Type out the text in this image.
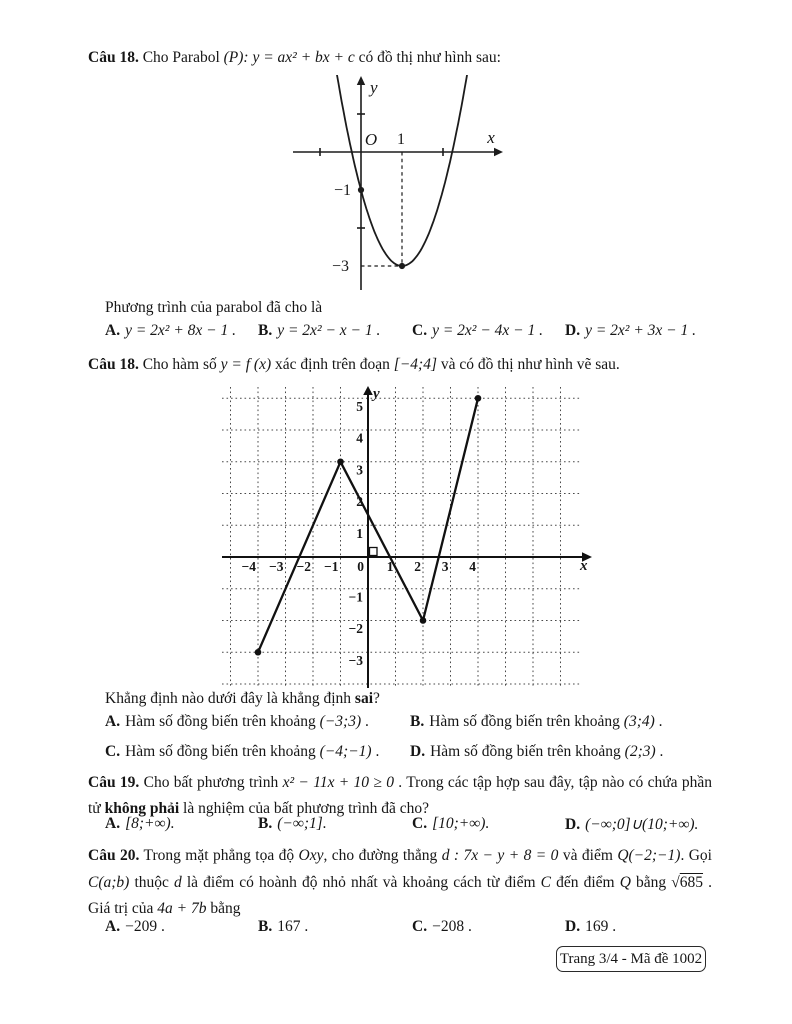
Câu 18. Cho Parabol (P): y = ax² + bx + c có đồ thị như hình sau:
y
x
O 1
−1
−3
Phương trình của parabol đã cho là
A. y = 2x² + 8x − 1 . B. y = 2x² − x − 1 . C. y = 2x² − 4x − 1 . D. y = 2x² + 3x − 1 .
Câu 18. Cho hàm số y = f (x) xác định trên đoạn [−4;4] và có đồ thị như hình vẽ sau.
−4 −3 −2 −1 0 1 2 3 4
5
4
3
2
1
−1
−2
−3
x
y
Khẳng định nào dưới đây là khẳng định sai?
A. Hàm số đồng biến trên khoảng (−3;3) .	B. Hàm số đồng biến trên khoảng (3;4) .
C. Hàm số đồng biến trên khoảng (−4;−1) . D. Hàm số đồng biến trên khoảng (2;3) .
Câu 19. Cho bất phương trình x² − 11x + 10 ≥ 0 . Trong các tập hợp sau đây, tập nào có chứa phần tử không phải là nghiệm của bất phương trình đã cho?
A. [8;+∞).	B. (−∞;1].	C. [10;+∞).	D. (−∞;0]∪(10;+∞).
Câu 20. Trong mặt phẳng tọa độ Oxy, cho đường thẳng d : 7x − y + 8 = 0 và điểm Q(−2;−1). Gọi C(a;b) thuộc d là điểm có hoành độ nhỏ nhất và khoảng cách từ điểm C đến điểm Q bằng √685 . Giá trị của 4a + 7b bằng
A. −209 .	B. 167 .	C. −208 .	D. 169 .
Trang 3/4 - Mã đề 1002
